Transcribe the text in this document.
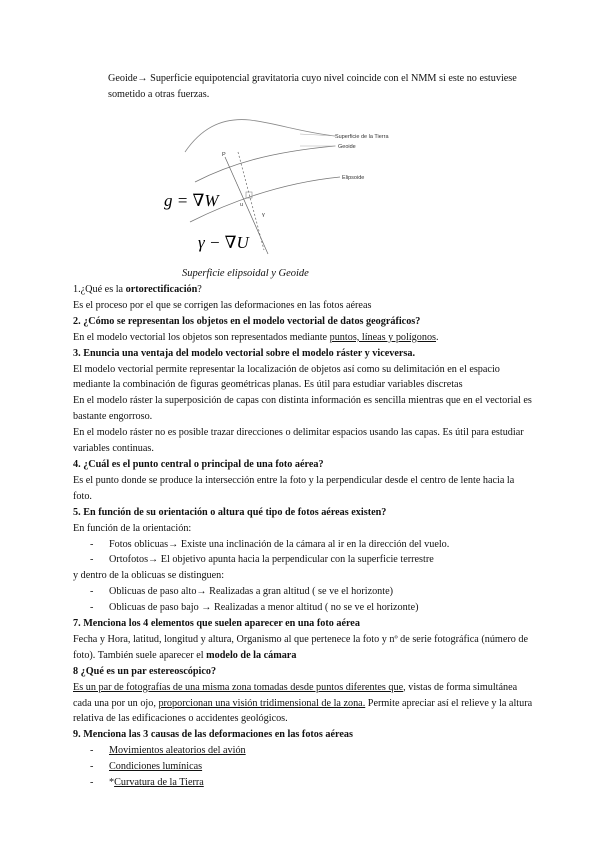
Geoide→ Superficie equipotencial gravitatoria cuyo nivel coincide con el NMM si este no estuviese sometido a otras fuerzas.
Superficie de la Tierra
Geoide
Elipsoide
P
u
γ
g = ∇W
γ − ∇U
Superficie elipsoidal y Geoide

1.¿Qué es la ortorectificación?

Es el proceso por el que se corrigen las deformaciones en las fotos aéreas

2. ¿Cómo se representan los objetos en el modelo vectorial de datos geográficos?

En el modelo vectorial los objetos son representados mediante puntos, líneas y polígonos.

3. Enuncia una ventaja del modelo vectorial sobre el modelo ráster y viceversa.

El modelo vectorial permite representar la localización de objetos así como su delimitación en el espacio mediante la combinación de figuras geométricas planas. Es útil para estudiar variables discretas

En el modelo ráster la superposición de capas con distinta información es sencilla mientras que en el vectorial es bastante engorroso.

En el modelo ráster no es posible trazar direcciones o delimitar espacios usando las capas. Es útil para estudiar variables continuas.

4. ¿Cuál es el punto central o principal de una foto aérea?

Es el punto donde se produce la intersección entre la foto y la perpendicular desde el centro de lente hacia la foto.

5. En función de su orientación o altura qué tipo de fotos aéreas existen?

En función de la orientación:

- Fotos oblicuas→ Existe una inclinación de la cámara al ir en la dirección del vuelo.
- Ortofotos→ El objetivo apunta hacia la perpendicular con la superficie terrestre

y dentro de la oblicuas se distinguen:

- Oblicuas de paso alto→ Realizadas a gran altitud ( se ve el horizonte)
- Oblicuas de paso bajo → Realizadas a menor altitud ( no se ve el horizonte)

7. Menciona los 4 elementos que suelen aparecer en una foto aérea

Fecha y Hora, latitud, longitud y altura, Organismo al que pertenece la foto y nº de serie fotográfica (número de foto). También suele aparecer el modelo de la cámara

8 ¿Qué es un par estereoscópico?

Es un par de fotografías de una misma zona tomadas desde puntos diferentes que, vistas de forma simultánea cada una por un ojo, proporcionan una visión tridimensional de la zona. Permite apreciar así el relieve y la altura relativa de las edificaciones o accidentes geológicos.

9. Menciona las 3 causas de las deformaciones en las fotos aéreas

- Movimientos aleatorios del avión
- Condiciones lumínicas
- *Curvatura de la Tierra
